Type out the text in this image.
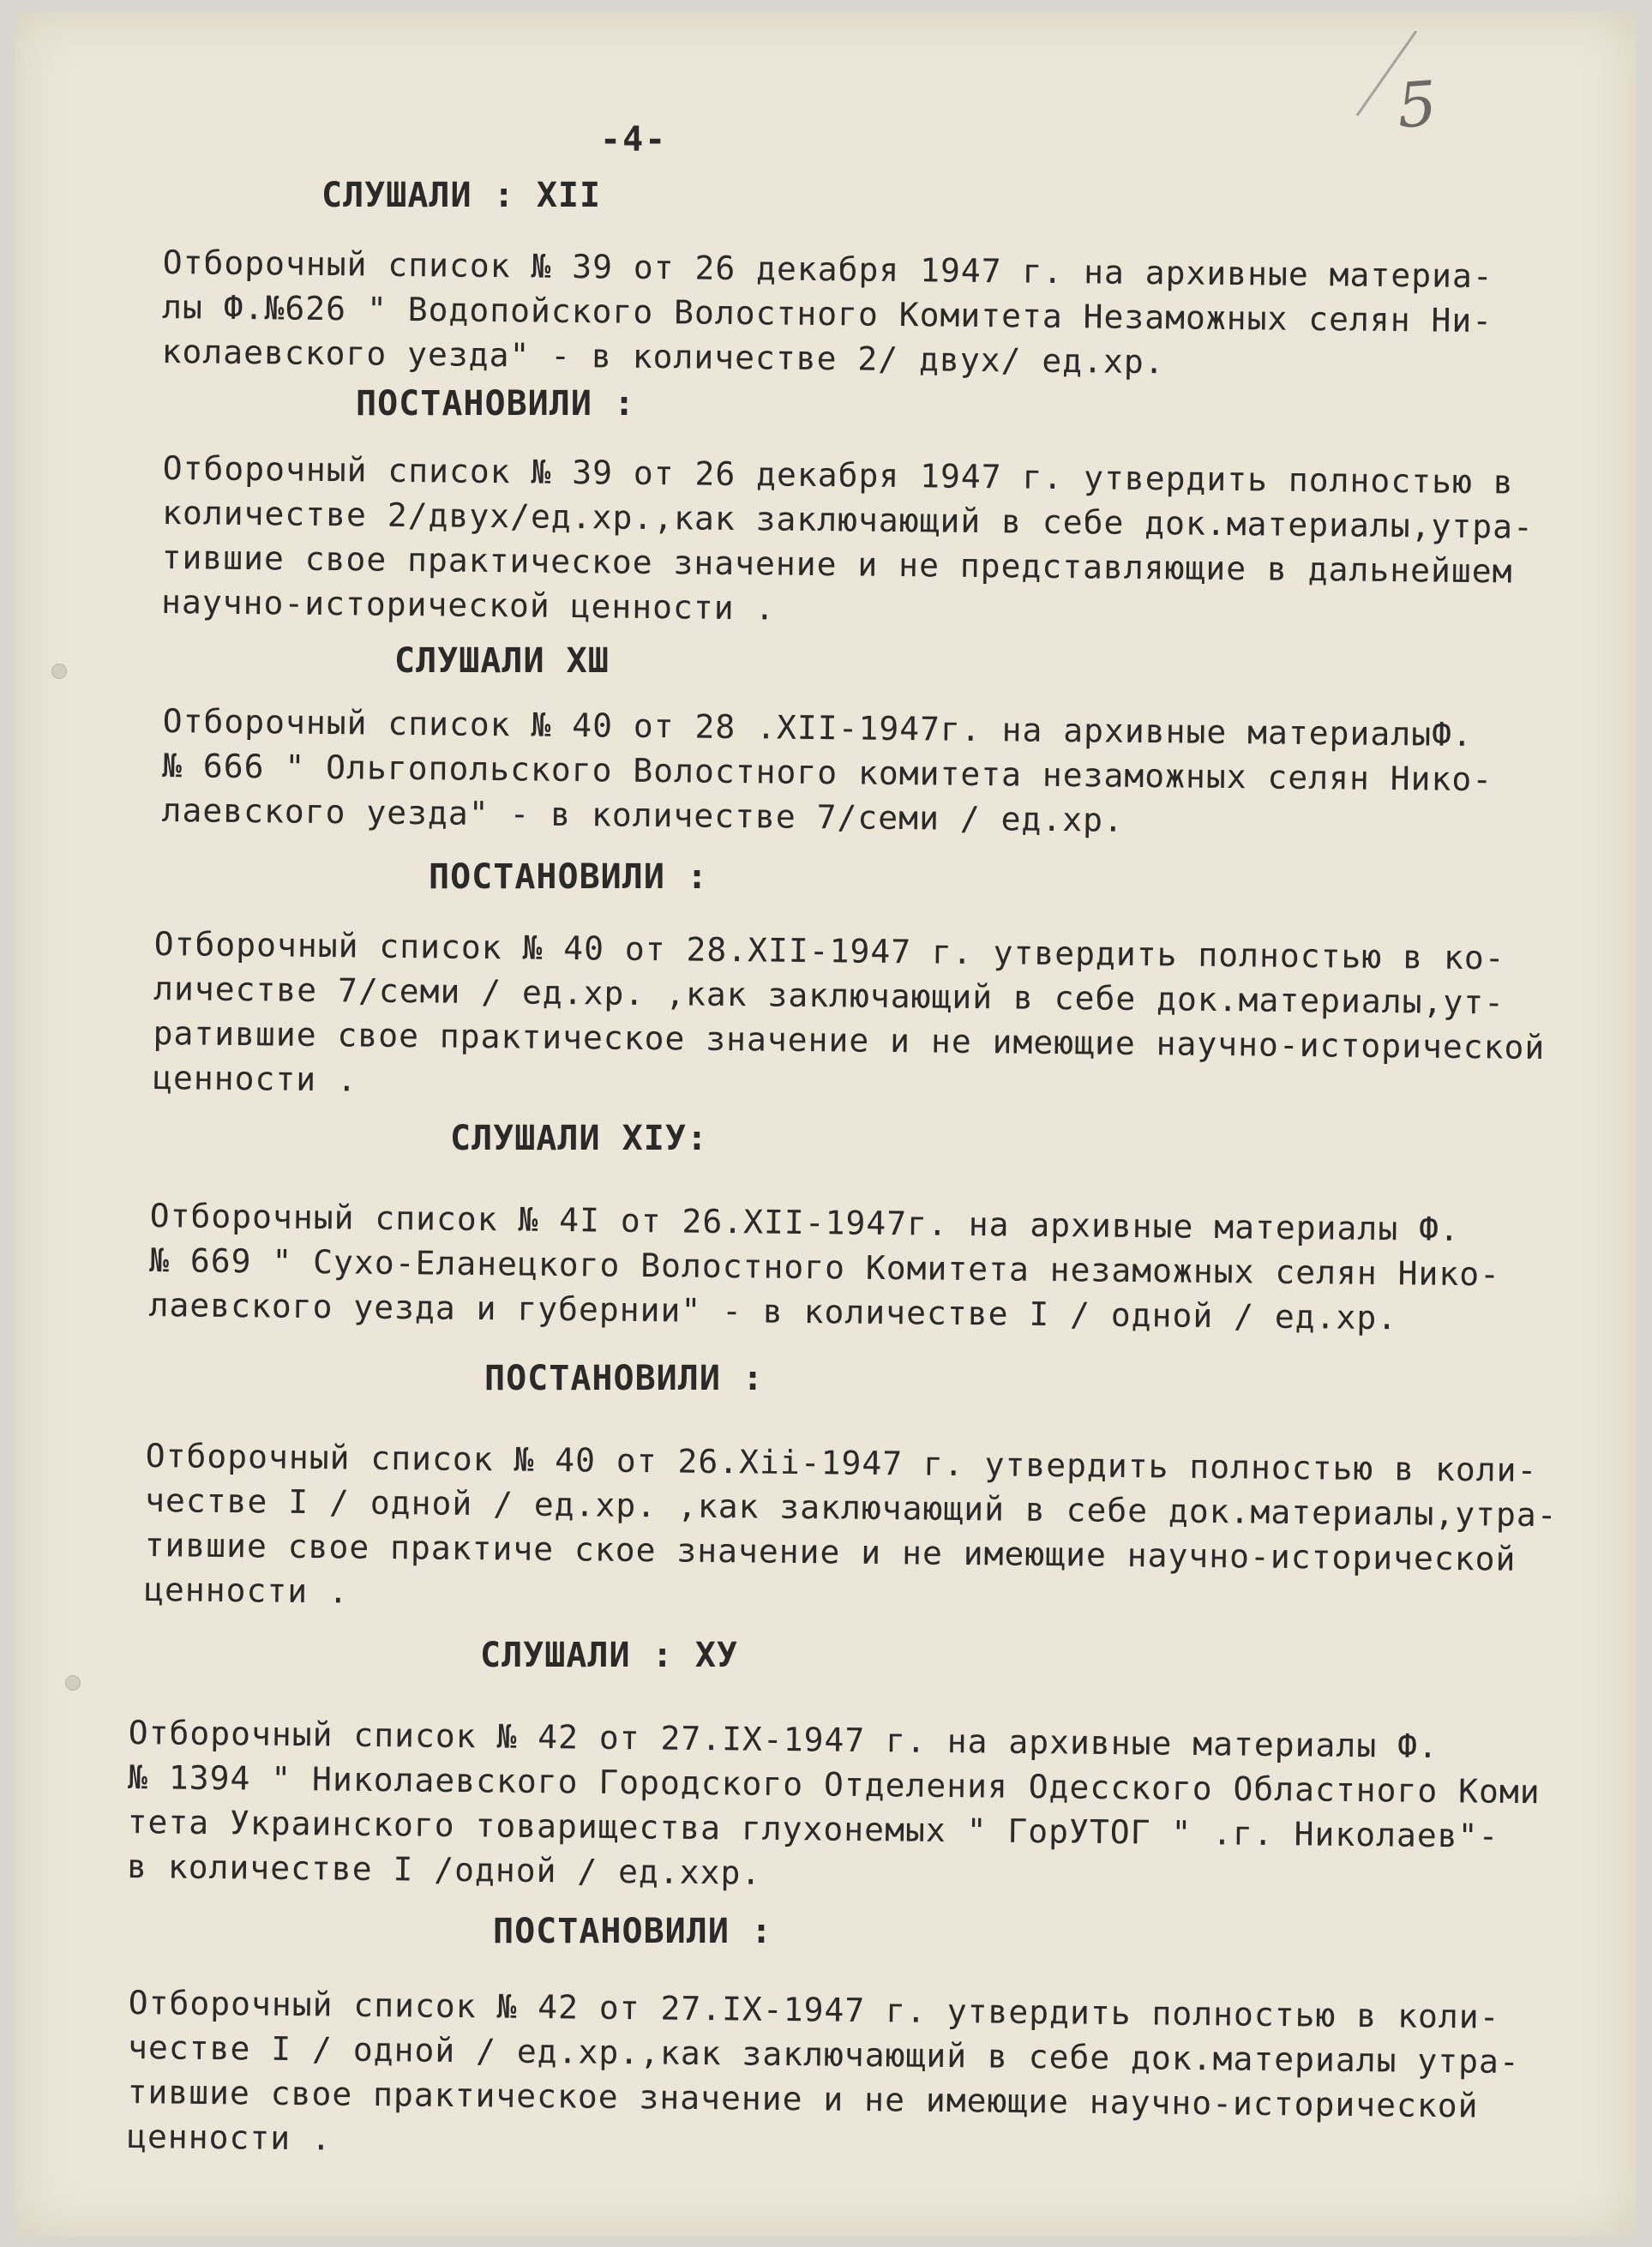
5
-4-
СЛУШАЛИ : XII
Отборочный список № 39 от 26 декабря 1947 г. на архивные материа-
лы Ф.№626 " Водопойского Волостного Комитета Незаможных селян Ни-
колаевского уезда" - в количестве 2/ двух/ ед.хр.
ПОСТАНОВИЛИ :
Отборочный список № 39 от 26 декабря 1947 г. утвердить полностью в
количестве 2/двух/ед.хр.,как заключающий в себе док.материалы,утра-
тившие свое практическое значение и не представляющие в дальнейшем
научно-исторической ценности .
СЛУШАЛИ ХШ
Отборочный список № 40 от 28 .XII-1947г. на архивные материалыФ.
№ 666 " Ольгопольского Волостного комитета незаможных селян Нико-
лаевского уезда" - в количестве 7/семи / ед.хр.
ПОСТАНОВИЛИ :
Отборочный список № 40 от 28.XII-1947 г. утвердить полностью в ко-
личестве 7/семи / ед.хр. ,как заключающий в себе док.материалы,ут-
ратившие свое практическое значение и не имеющие научно-исторической
ценности .
СЛУШАЛИ ХIУ:
Отборочный список № 4I от 26.XII-1947г. на архивные материалы Ф.
№ 669 " Сухо-Еланецкого Волостного Комитета незаможных селян Нико-
лаевского уезда и губернии" - в количестве I / одной / ед.хр.
ПОСТАНОВИЛИ :
Отборочный список № 40 от 26.Xii-1947 г. утвердить полностью в коли-
честве I / одной / ед.хр. ,как заключающий в себе док.материалы,утра-
тившие свое практиче ское значение и не имеющие научно-исторической
ценности .
СЛУШАЛИ : ХУ
Отборочный список № 42 от 27.IX-1947 г. на архивные материалы Ф.
№ 1394 " Николаевского Городского Отделения Одесского Областного Коми
тета Украинского товарищества глухонемых " ГорУТОГ " .г. Николаев"-
в количестве I /одной / ед.ххр.
ПОСТАНОВИЛИ :
Отборочный список № 42 от 27.IX-1947 г. утвердить полностью в коли-
честве I / одной / ед.хр.,как заключающий в себе док.материалы утра-
тившие свое практическое значение и не имеющие научно-исторической
ценности .
